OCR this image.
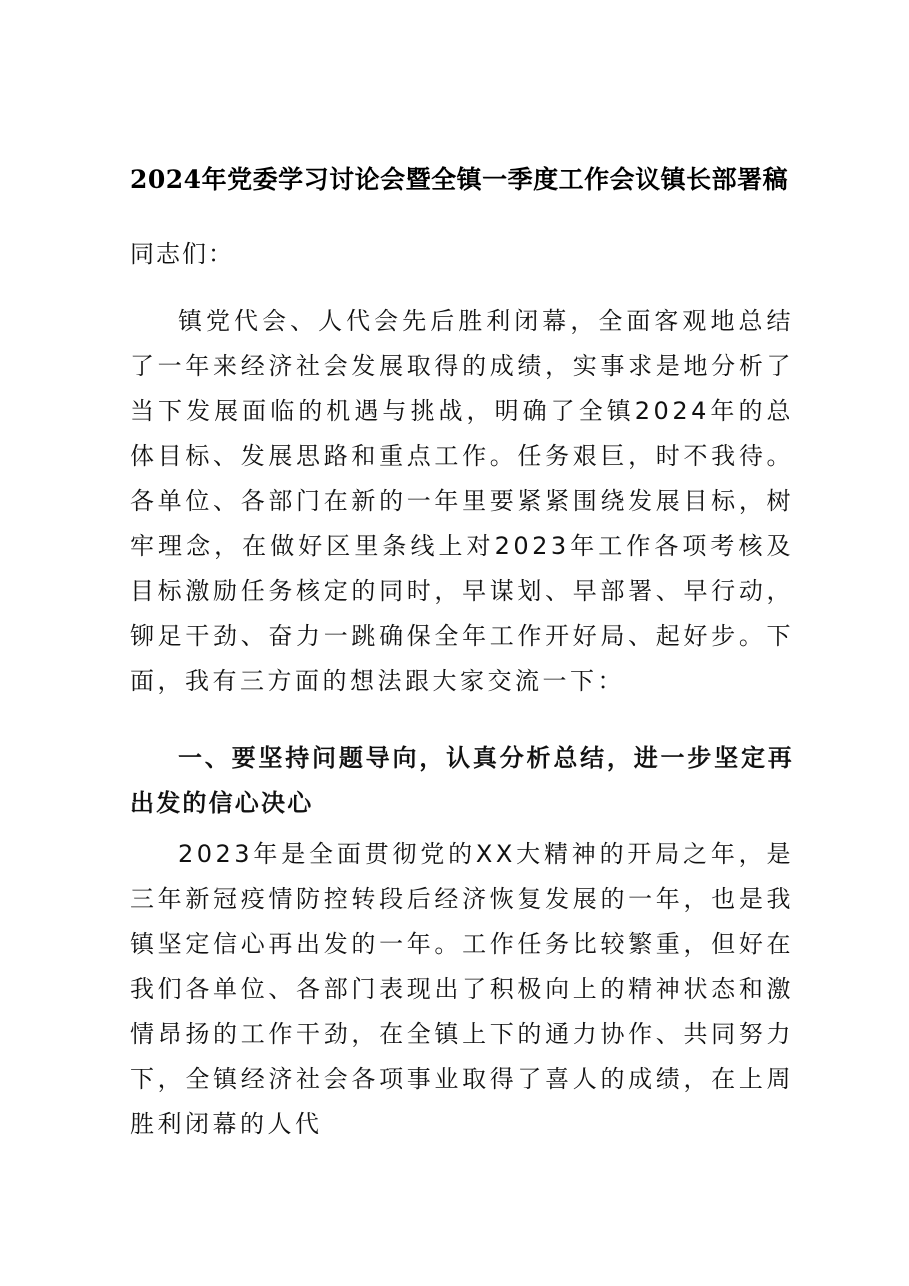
2024年党委学习讨论会暨全镇一季度工作会议镇长部署稿

同志们：

镇党代会、人代会先后胜利闭幕，全面客观地总结了一年来经济社会发展取得的成绩，实事求是地分析了当下发展面临的机遇与挑战，明确了全镇2024年的总体目标、发展思路和重点工作。任务艰巨，时不我待。各单位、各部门在新的一年里要紧紧围绕发展目标，树牢理念，在做好区里条线上对2023年工作各项考核及目标激励任务核定的同时，早谋划、早部署、早行动，铆足干劲、奋力一跳确保全年工作开好局、起好步。下面，我有三方面的想法跟大家交流一下：

一、要坚持问题导向，认真分析总结，进一步坚定再出发的信心决心

2023年是全面贯彻党的XX大精神的开局之年，是三年新冠疫情防控转段后经济恢复发展的一年，也是我镇坚定信心再出发的一年。工作任务比较繁重，但好在我们各单位、各部门表现出了积极向上的精神状态和激情昂扬的工作干劲，在全镇上下的通力协作、共同努力下，全镇经济社会各项事业取得了喜人的成绩，在上周胜利闭幕的人代
